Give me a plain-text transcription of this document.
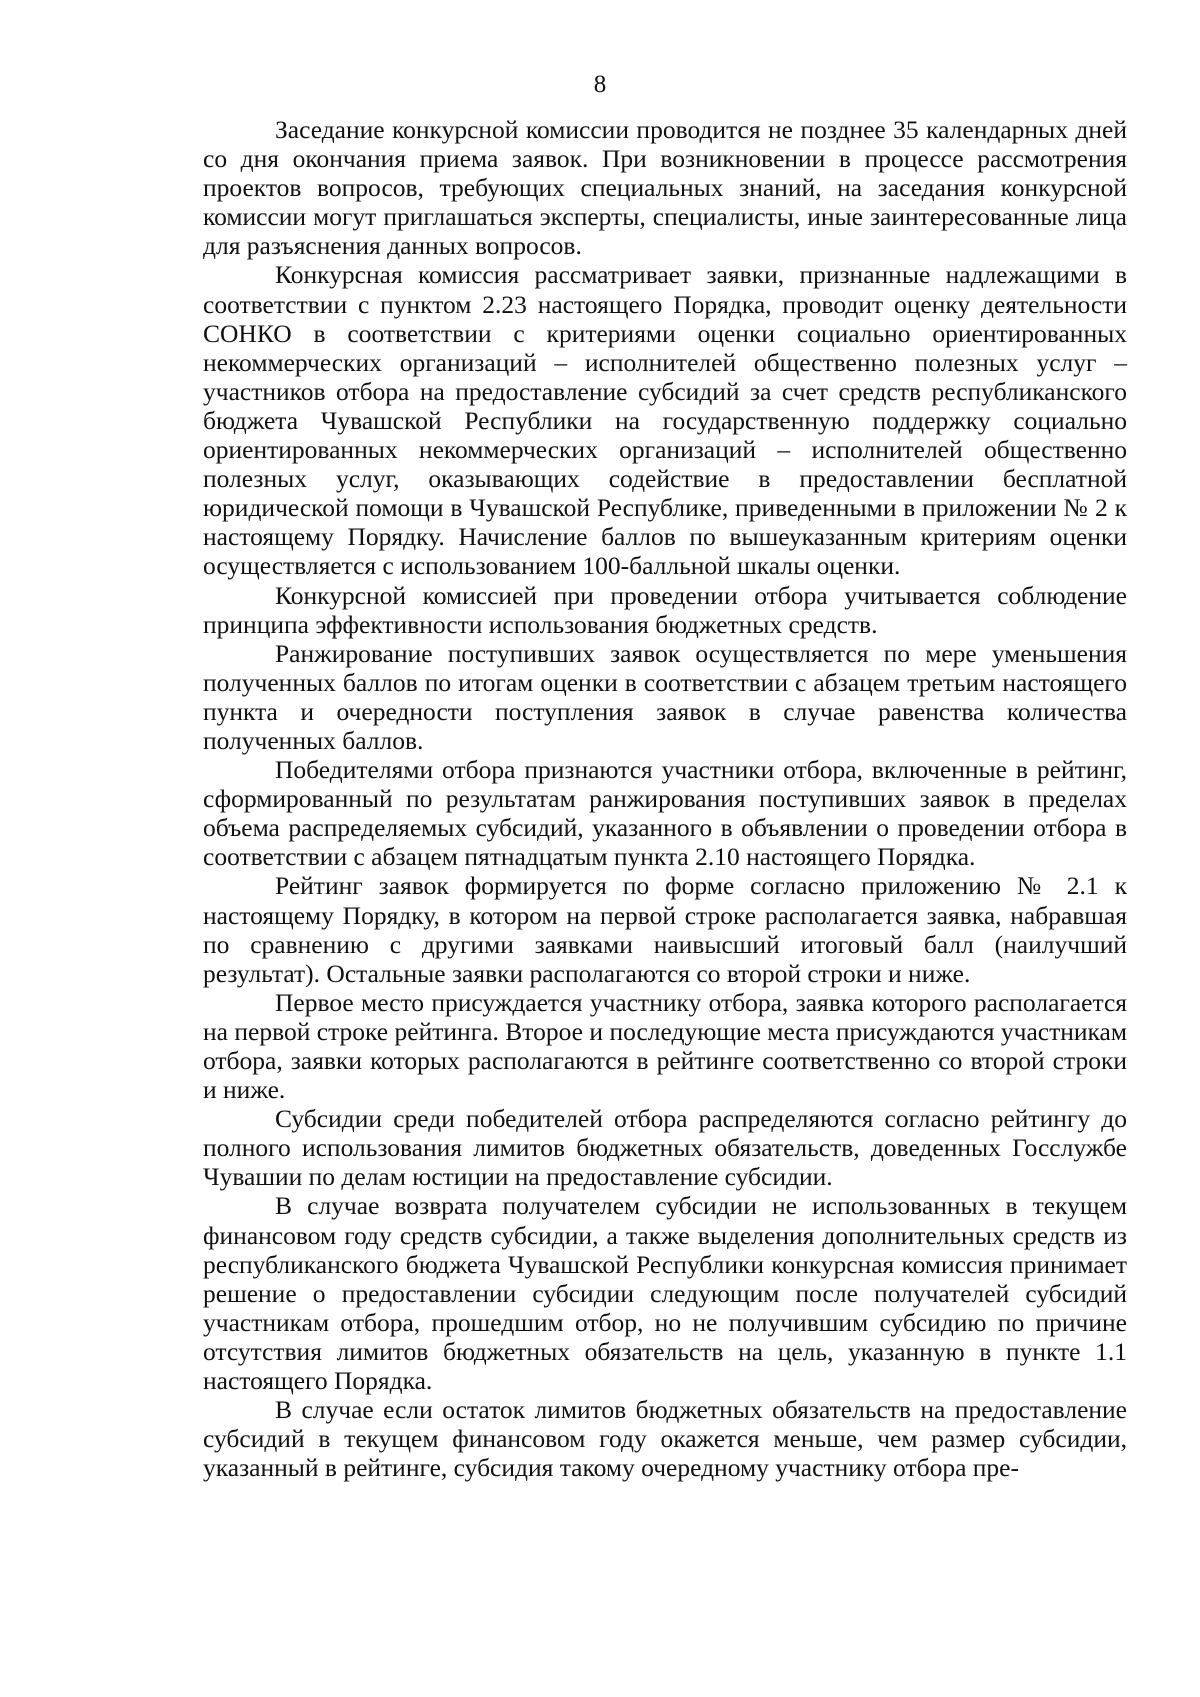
8

Заседание конкурсной комиссии проводится не позднее 35 календарных дней со дня окончания приема заявок. При возникновении в процессе рассмотрения проектов вопросов, требующих специальных знаний, на заседания конкурсной комиссии могут приглашаться эксперты, специалисты, иные заинтересованные лица для разъяснения данных вопросов.

Конкурсная комиссия рассматривает заявки, признанные надлежащими в соответствии с пунктом 2.23 настоящего Порядка, проводит оценку деятельности СОНКО в соответствии с критериями оценки социально ориентированных некоммерческих организаций – исполнителей общественно полезных услуг – участников отбора на предоставление субсидий за счет средств республиканского бюджета Чувашской Республики на государственную поддержку социально ориентированных некоммерческих организаций – исполнителей общественно полезных услуг, оказывающих содействие в предоставлении бесплатной юридической помощи в Чувашской Республике, приведенными в приложении № 2 к настоящему Порядку. Начисление баллов по вышеуказанным критериям оценки осуществляется с использованием 100-балльной шкалы оценки.

Конкурсной комиссией при проведении отбора учитывается соблюдение принципа эффективности использования бюджетных средств.

Ранжирование поступивших заявок осуществляется по мере уменьшения полученных баллов по итогам оценки в соответствии с абзацем третьим настоящего пункта и очередности поступления заявок в случае равенства количества полученных баллов.

Победителями отбора признаются участники отбора, включенные в рейтинг, сформированный по результатам ранжирования поступивших заявок в пределах объема распределяемых субсидий, указанного в объявлении о проведении отбора в соответствии с абзацем пятнадцатым пункта 2.10 настоящего Порядка.

Рейтинг заявок формируется по форме согласно приложению № 2.1 к настоящему Порядку, в котором на первой строке располагается заявка, набравшая по сравнению с другими заявками наивысший итоговый балл (наилучший результат). Остальные заявки располагаются со второй строки и ниже.

Первое место присуждается участнику отбора, заявка которого располагается на первой строке рейтинга. Второе и последующие места присуждаются участникам отбора, заявки которых располагаются в рейтинге соответственно со второй строки и ниже.

Субсидии среди победителей отбора распределяются согласно рейтингу до полного использования лимитов бюджетных обязательств, доведенных Госслужбе Чувашии по делам юстиции на предоставление субсидии.

В случае возврата получателем субсидии не использованных в текущем финансовом году средств субсидии, а также выделения дополнительных средств из республиканского бюджета Чувашской Республики конкурсная комиссия принимает решение о предоставлении субсидии следующим после получателей субсидий участникам отбора, прошедшим отбор, но не получившим субсидию по причине отсутствия лимитов бюджетных обязательств на цель, указанную в пункте 1.1 настоящего Порядка.

В случае если остаток лимитов бюджетных обязательств на предоставление субсидий в текущем финансовом году окажется меньше, чем размер субсидии, указанный в рейтинге, субсидия такому очередному участнику отбора пре-
